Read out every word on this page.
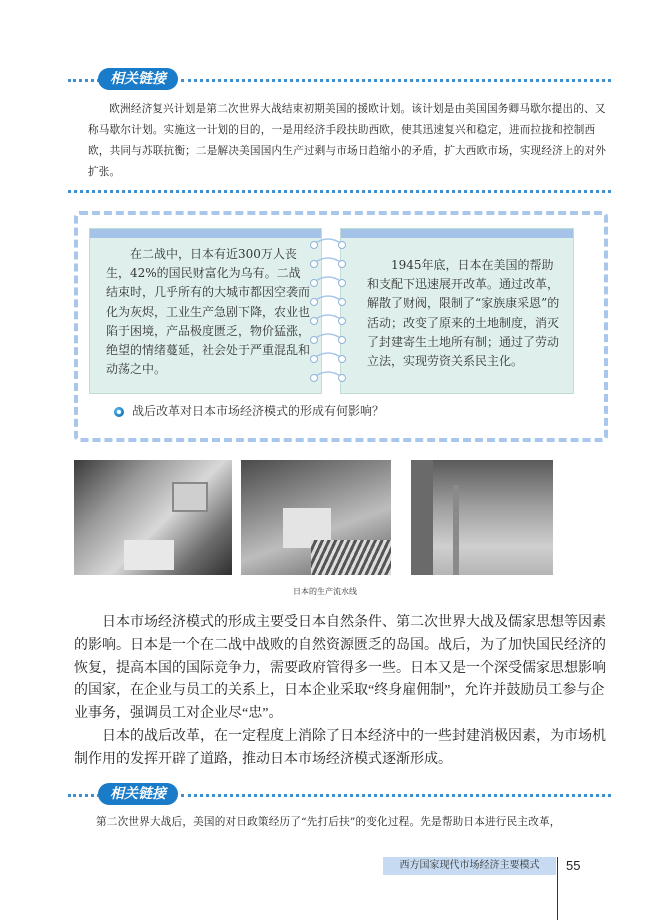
相关链接
欧洲经济复兴计划是第二次世界大战结束初期美国的援欧计划。该计划是由美国国务卿马歇尔提出的、又称马歇尔计划。实施这一计划的目的，一是用经济手段扶助西欧，使其迅速复兴和稳定，进而拉拢和控制西欧，共同与苏联抗衡；二是解决美国国内生产过剩与市场日趋缩小的矛盾，扩大西欧市场，实现经济上的对外扩张。
在二战中，日本有近300万人丧生，42%的国民财富化为乌有。二战结束时，几乎所有的大城市都因空袭而化为灰烬，工业生产急剧下降，农业也陷于困境，产品极度匮乏，物价猛涨，绝望的情绪蔓延，社会处于严重混乱和动荡之中。
1945年底，日本在美国的帮助和支配下迅速展开改革。通过改革，解散了财阀，限制了“家族康采恩”的活动；改变了原来的土地制度，消灭了封建寄生土地所有制；通过了劳动立法，实现劳资关系民主化。
战后改革对日本市场经济模式的形成有何影响？
日本的生产流水线

日本市场经济模式的形成主要受日本自然条件、第二次世界大战及儒家思想等因素的影响。日本是一个在二战中战败的自然资源匮乏的岛国。战后，为了加快国民经济的恢复，提高本国的国际竞争力，需要政府管得多一些。日本又是一个深受儒家思想影响的国家，在企业与员工的关系上，日本企业采取“终身雇佣制”，允许并鼓励员工参与企业事务，强调员工对企业尽“忠”。

日本的战后改革，在一定程度上消除了日本经济中的一些封建消极因素，为市场机制作用的发挥开辟了道路，推动日本市场经济模式逐渐形成。

相关链接
第二次世界大战后，美国的对日政策经历了“先打后扶”的变化过程。先是帮助日本进行民主改革，
西方国家现代市场经济主要模式	55
